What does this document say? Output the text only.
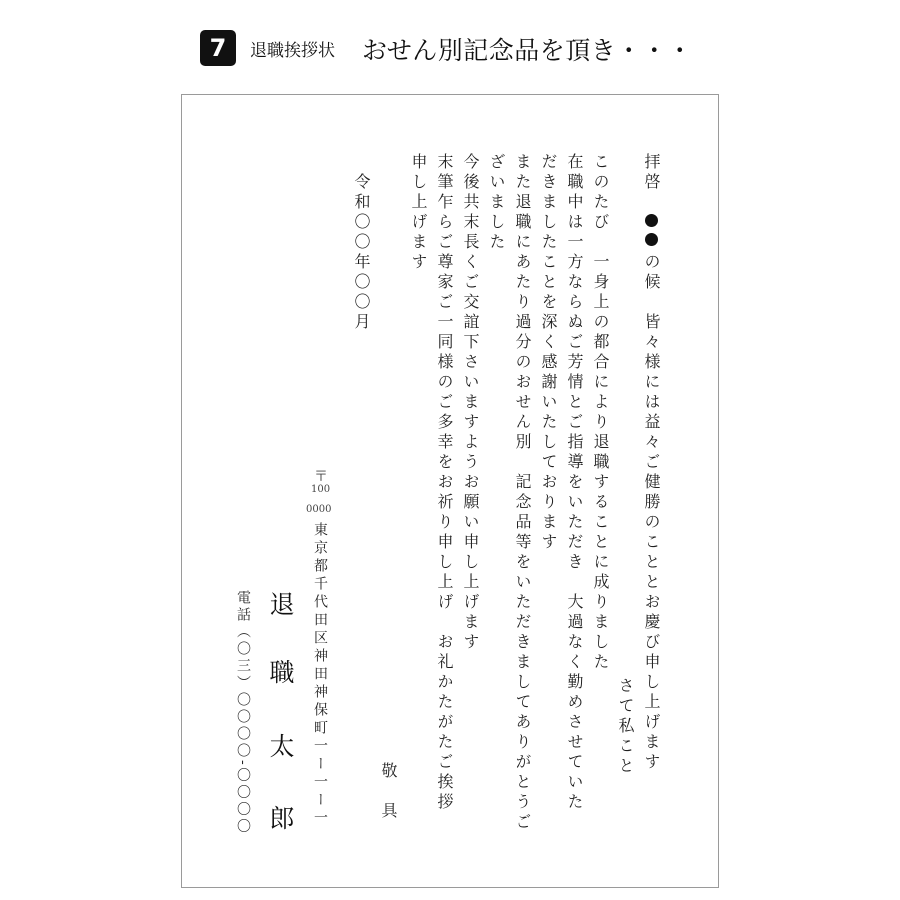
7	退職挨拶状 おせん別記念品を頂き・・・
拝啓
の候　皆々様には益々ご健勝のこととお慶び申し上げます
さて私こと
このたび　一身上の都合により退職することに成りました
在職中は一方ならぬご芳情とご指導をいただき　大過なく勤めさせていた
だきましたことを深く感謝いたしております
また退職にあたり過分のおせん別　記念品等をいただきましてありがとうご
ざいました
今後共末長くご交誼下さいますようお願い申し上げます
末筆乍らご尊家ご一同様のご多幸をお祈り申し上げ　お礼かたがたご挨拶
申し上げます
敬　具
令和〇〇年〇〇月
〒
100
0000
東京都千代田区神田神保町一ー一ー一
退
職
太
郎
電話（〇三）〇〇〇〇‐〇〇〇〇
